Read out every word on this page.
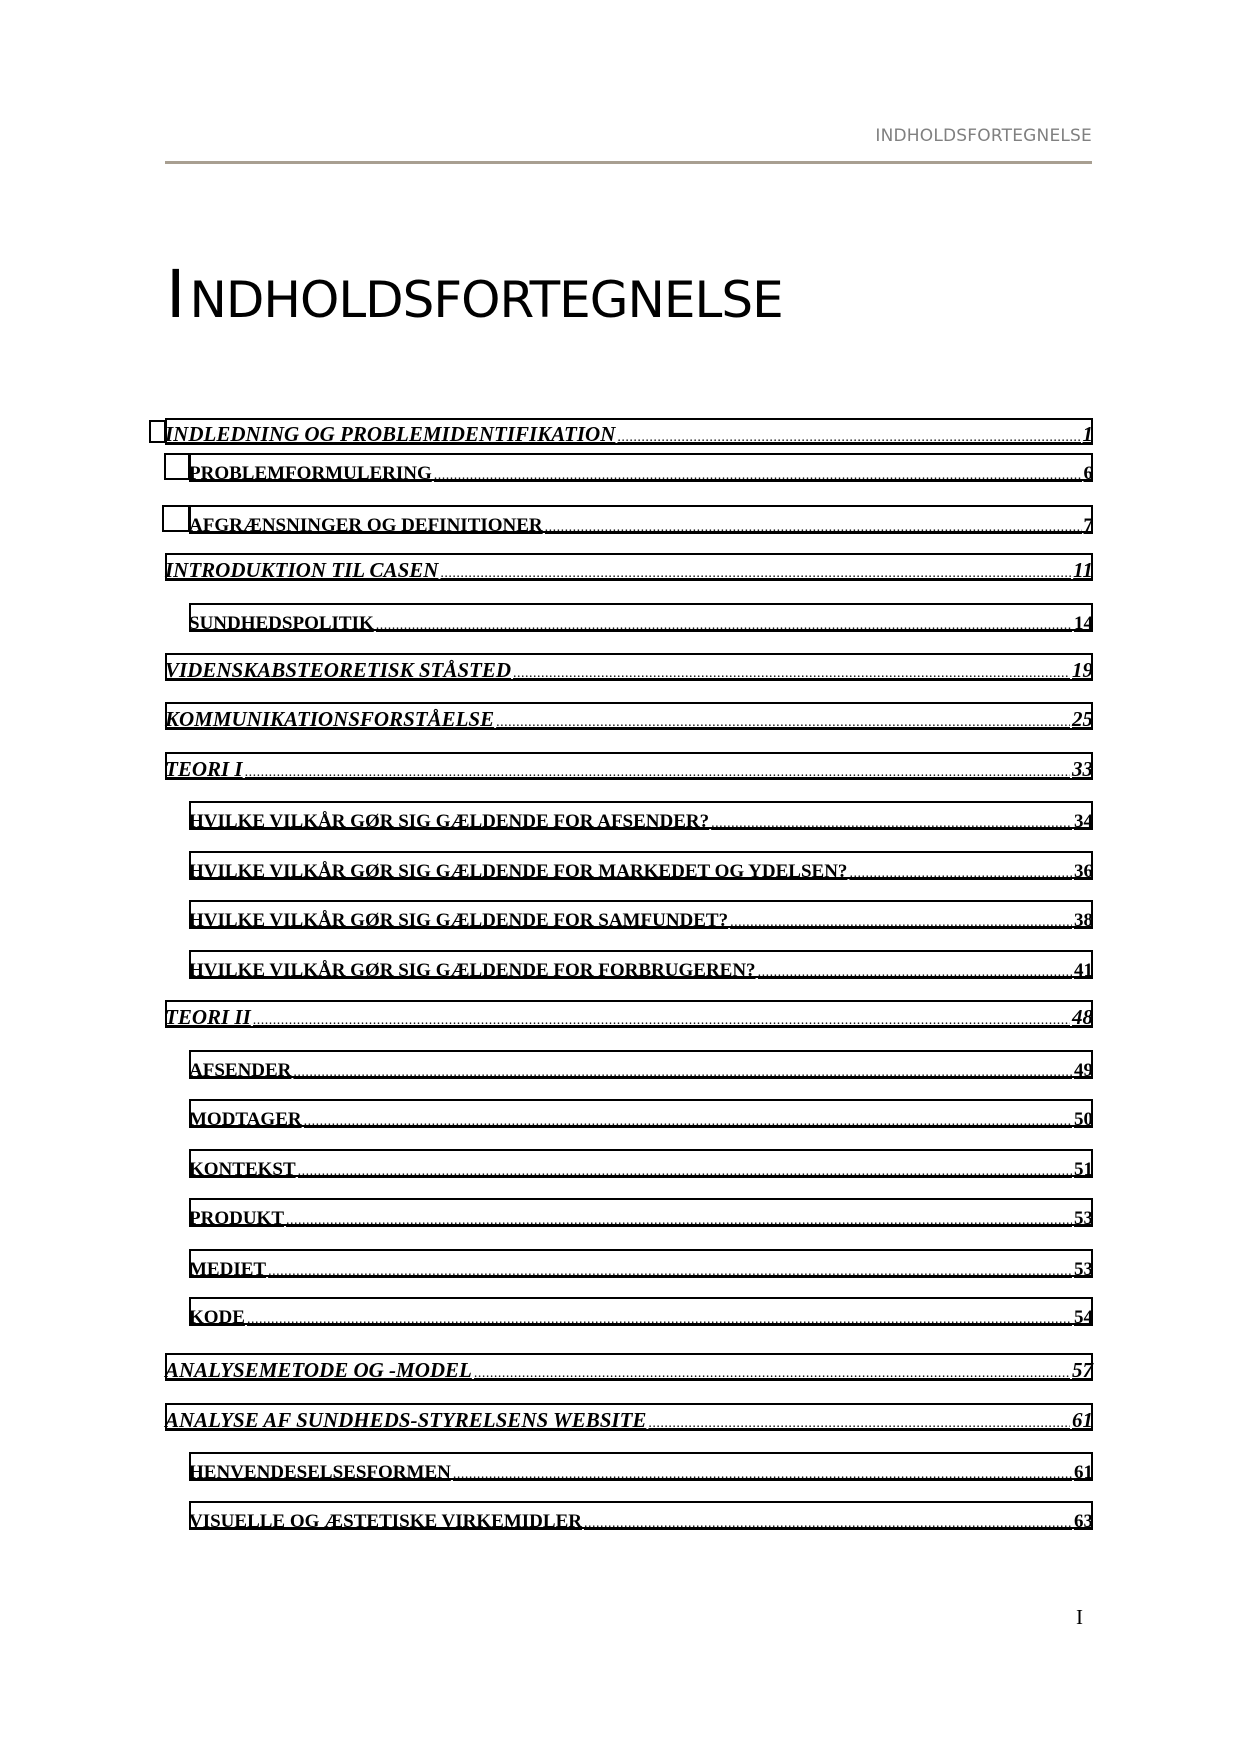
INDHOLDSFORTEGNELSE
INDHOLDSFORTEGNELSE
INDLEDNING OG PROBLEMIDENTIFIKATION .....	1
PROBLEMFORMULERING .....	6
AFGRÆNSNINGER OG DEFINITIONER .....	7
INTRODUKTION TIL CASEN .....	11
SUNDHEDSPOLITIK .....	14
VIDENSKABSTEORETISK STÅSTED .....	19
KOMMUNIKATIONSFORSTÅELSE .....	25
TEORI I .....	33
HVILKE VILKÅR GØR SIG GÆLDENDE FOR AFSENDER? .....	34
HVILKE VILKÅR GØR SIG GÆLDENDE FOR MARKEDET OG YDELSEN? .....	36
HVILKE VILKÅR GØR SIG GÆLDENDE FOR SAMFUNDET? .....	38
HVILKE VILKÅR GØR SIG GÆLDENDE FOR FORBRUGEREN? .....	41
TEORI II .....	48
AFSENDER .....	49
MODTAGER .....	50
KONTEKST .....	51
PRODUKT .....	53
MEDIET .....	53
KODE .....	54
ANALYSEMETODE OG -MODEL .....	57
ANALYSE AF SUNDHEDS-STYRELSENS WEBSITE .....	61
HENVENDESELSESFORMEN .....	61
VISUELLE OG ÆSTETISKE VIRKEMIDLER .....	63
I
